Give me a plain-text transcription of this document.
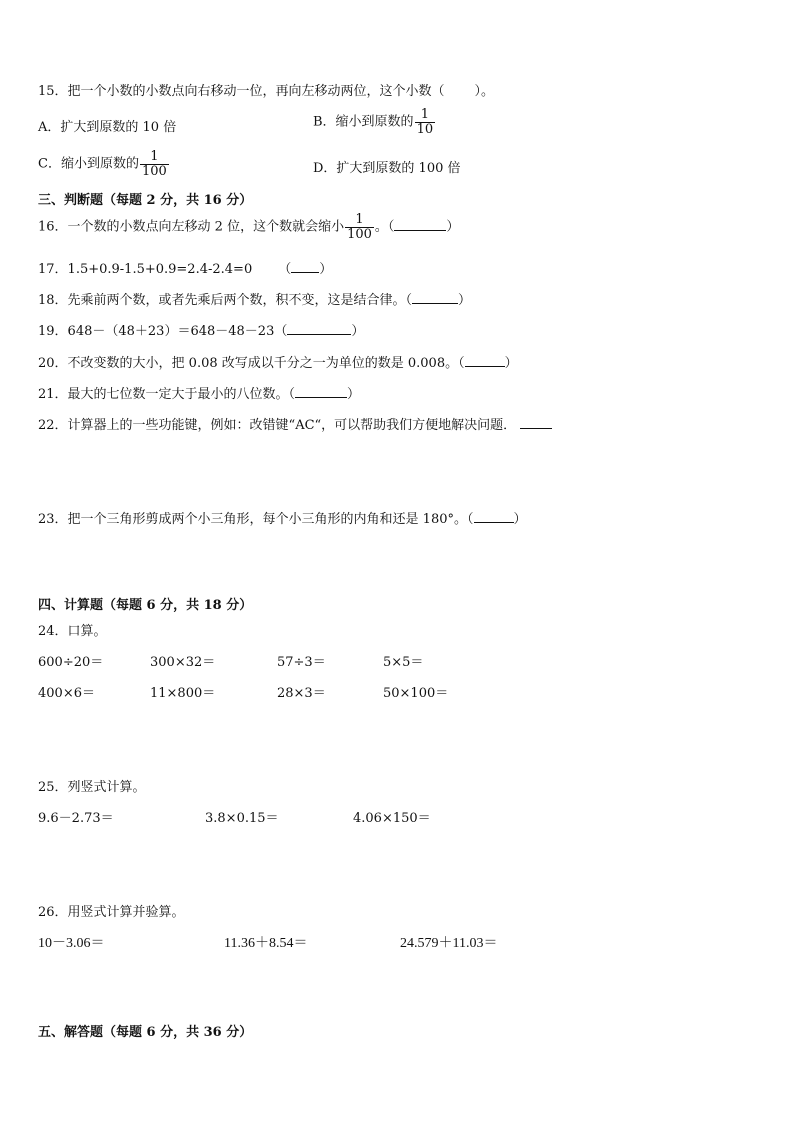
15．把一个小数的小数点向右移动一位，再向左移动两位，这个小数（ ）。
A．扩大到原数的 10 倍	B．缩小到原数的 $\frac{1}{10}$
C．缩小到原数的 $\frac{1}{100}$	D．扩大到原数的 100 倍
三、判断题（每题 2 分，共 16 分）
16．一个数的小数点向左移动 2 位，这个数就会缩小 $\frac{1}{100}$ 。（	）
17．1.5+0.9-1.5+0.9=2.4-2.4=0 （ ）
18．先乘前两个数，或者先乘后两个数，积不变，这是结合律。（	）
19．648－（48＋23）＝648－48－23（	）
20．不改变数的大小，把 0.08 改写成以千分之一为单位的数是 0.008。（	）
21．最大的七位数一定大于最小的八位数。（	）
22．计算器上的一些功能键，例如：改错键“AC“，可以帮助我们方便地解决问题．
23．把一个三角形剪成两个小三角形，每个小三角形的内角和还是 180°。（	）
四、计算题（每题 6 分，共 18 分）
24．口算。
600÷20＝	300×32＝	57÷3＝	5×5＝
400×6＝	11×800＝	28×3＝	50×100＝
25．列竖式计算。
9.6－2.73＝	3.8×0.15＝	4.06×150＝
26．用竖式计算并验算。
10－3.06＝	11.36＋8.54＝	24.579＋11.03＝
五、解答题（每题 6 分，共 36 分）
